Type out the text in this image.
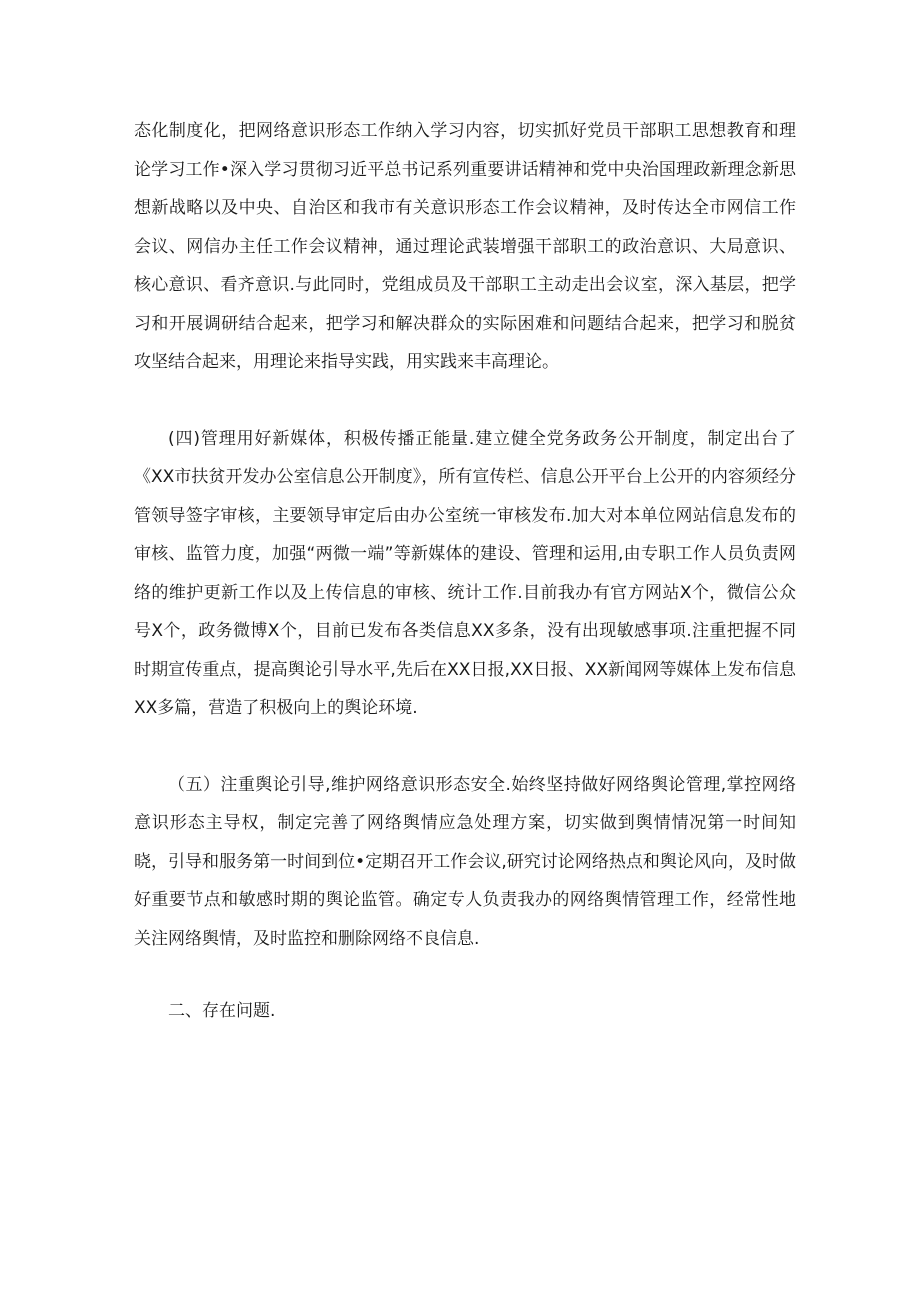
态化制度化，把网络意识形态工作纳入学习内容，切实抓好党员干部职工思想教育和理论学习工作•深入学习贯彻习近平总书记系列重要讲话精神和党中央治国理政新理念新思想新战略以及中央、自治区和我市有关意识形态工作会议精神，及时传达全市网信工作会议、网信办主任工作会议精神，通过理论武装增强干部职工的政治意识、大局意识、核心意识、看齐意识.与此同时，党组成员及干部职工主动走出会议室，深入基层，把学习和开展调研结合起来，把学习和解决群众的实际困难和问题结合起来，把学习和脱贫攻坚结合起来，用理论来指导实践，用实践来丰高理论。

(四)管理用好新媒体，积极传播正能量.建立健全党务政务公开制度，制定出台了《XX市扶贫开发办公室信息公开制度》，所有宣传栏、信息公开平台上公开的内容须经分管领导签字审核，主要领导审定后由办公室统一审核发布.加大对本单位网站信息发布的审核、监管力度，加强“两微一端”等新媒体的建设、管理和运用,由专职工作人员负责网络的维护更新工作以及上传信息的审核、统计工作.目前我办有官方网站X个，微信公众号X个，政务微博X个，目前已发布各类信息XX多条，没有出现敏感事项.注重把握不同时期宣传重点，提高舆论引导水平,先后在XX日报,XX日报、XX新闻网等媒体上发布信息XX多篇，营造了积极向上的舆论环境.

（五）注重舆论引导,维护网络意识形态安全.始终坚持做好网络舆论管理,掌控网络意识形态主导权，制定完善了网络舆情应急处理方案，切实做到舆情情况第一时间知晓，引导和服务第一时间到位•定期召开工作会议,研究讨论网络热点和舆论风向，及时做好重要节点和敏感时期的舆论监管。确定专人负责我办的网络舆情管理工作，经常性地关注网络舆情，及时监控和删除网络不良信息.

二、存在问题.
